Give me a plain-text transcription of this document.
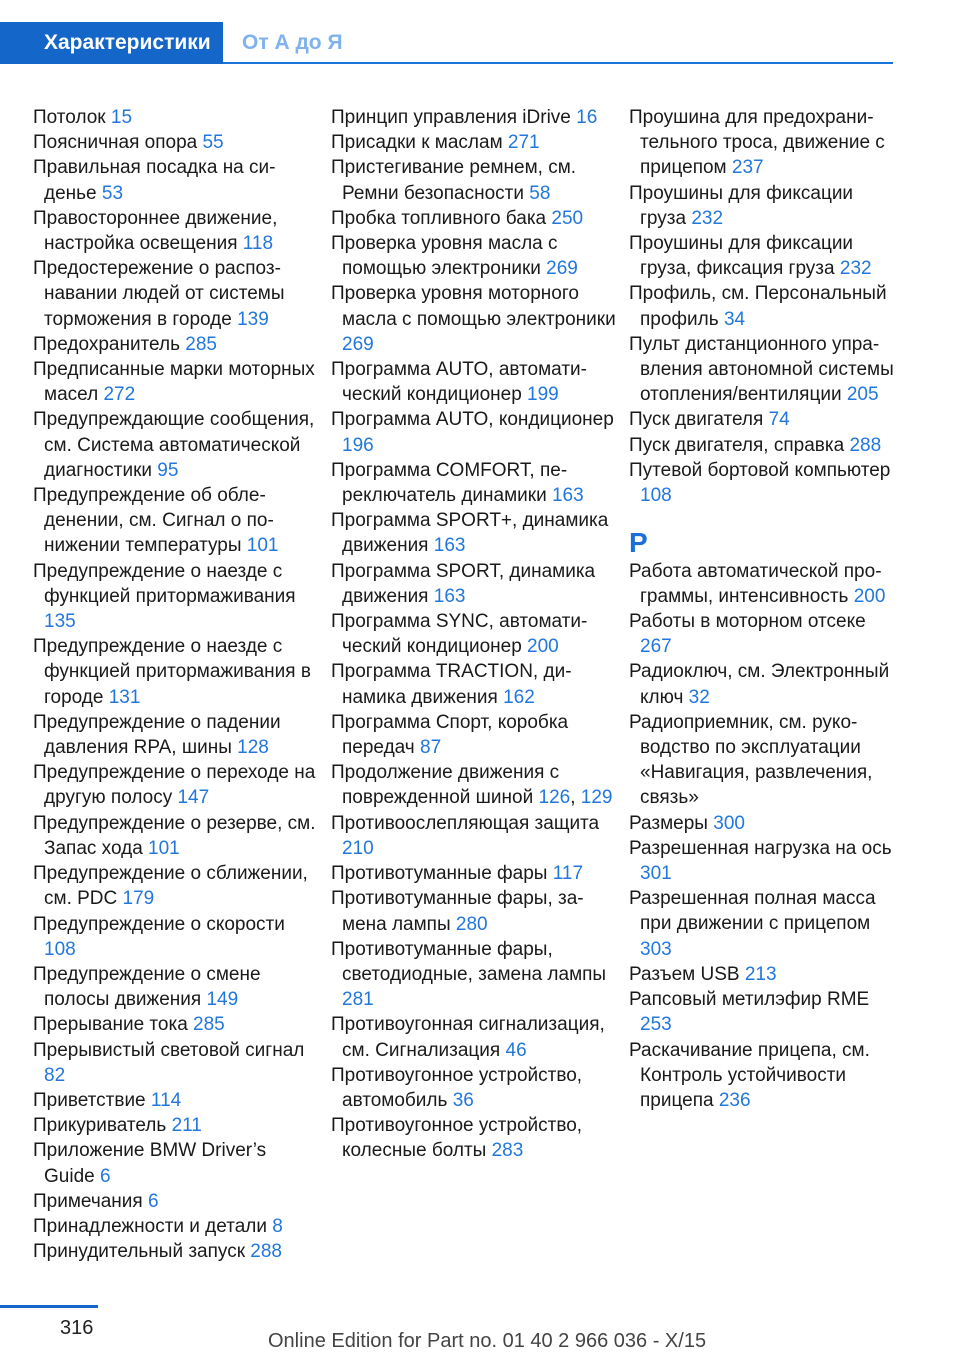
Характеристики	От А до Я

Потолок 15

Поясничная опора 55

Правильная посадка на сиденье 53

Правостороннее движение, настройка освещения 118

Предостережение о распознавании людей от системы торможения в городе 139

Предохранитель 285

Предписанные марки моторных масел 272

Предупреждающие сообщения, см. Система автоматической диагностики 95

Предупреждение об обледенении, см. Сигнал о понижении температуры 101

Предупреждение о наезде с функцией притормаживания 135

Предупреждение о наезде с функцией притормаживания в городе 131

Предупреждение о падении давления RPA, шины 128

Предупреждение о переходе на другую полосу 147

Предупреждение о резерве, см. Запас хода 101

Предупреждение о сближении, см. PDC 179

Предупреждение о скорости 108

Предупреждение о смене полосы движения 149

Прерывание тока 285

Прерывистый световой сигнал 82

Приветствие 114

Прикуриватель 211

Приложение BMW Driver’s Guide 6

Примечания 6

Принадлежности и детали 8

Принудительный запуск 288

Принцип управления iDrive 16

Присадки к маслам 271

Пристегивание ремнем, см. Ремни безопасности 58

Пробка топливного бака 250

Проверка уровня масла с помощью электроники 269

Проверка уровня моторного масла с помощью электроники 269

Программа AUTO, автоматический кондиционер 199

Программа AUTO, кондиционер 196

Программа COMFORT, переключатель динамики 163

Программа SPORT+, динамика движения 163

Программа SPORT, динамика движения 163

Программа SYNC, автоматический кондиционер 200

Программа TRACTION, динамика движения 162

Программа Спорт, коробка передач 87

Продолжение движения с поврежденной шиной 126, 129

Противоослепляющая защита 210

Противотуманные фары 117

Противотуманные фары, замена лампы 280

Противотуманные фары, светодиодные, замена лампы 281

Противоугонная сигнализация, см. Сигнализация 46

Противоугонное устройство, автомобиль 36

Противоугонное устройство, колесные болты 283

Проушина для предохранительного троса, движение с прицепом 237

Проушины для фиксации груза 232

Проушины для фиксации груза, фиксация груза 232

Профиль, см. Персональный профиль 34

Пульт дистанционного управления автономной системы отопления/вентиляции 205

Пуск двигателя 74

Пуск двигателя, справка 288

Путевой бортовой компьютер 108

Р

Работа автоматической программы, интенсивность 200

Работы в моторном отсеке 267

Радиоключ, см. Электронный ключ 32

Радиоприемник, см. руководство по эксплуатации «Навигация, развлечения, связь»

Размеры 300

Разрешенная нагрузка на ось 301

Разрешенная полная масса при движении с прицепом 303

Разъем USB 213

Рапсовый метилэфир RME 253

Раскачивание прицепа, см. Контроль устойчивости прицепа 236

316
Online Edition for Part no. 01 40 2 966 036 - X/15
